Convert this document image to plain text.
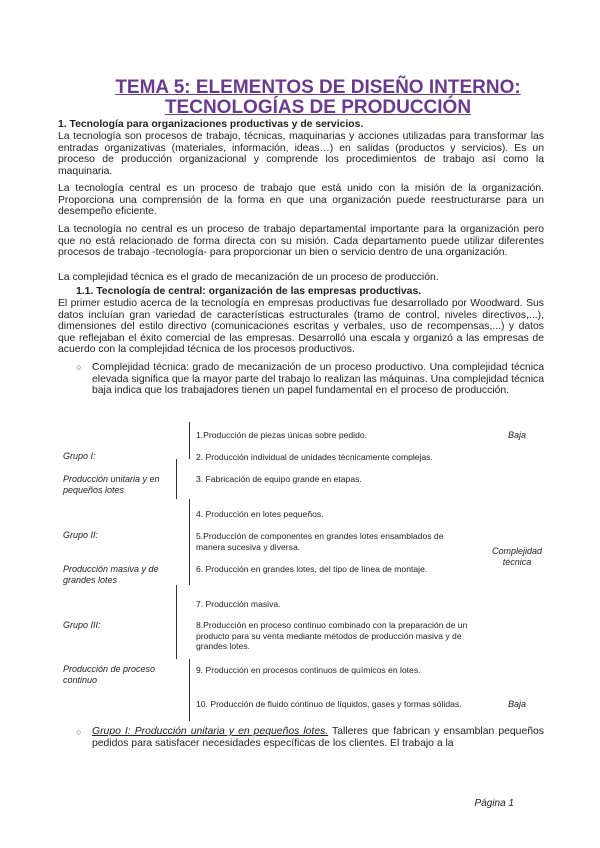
TEMA 5: ELEMENTOS DE DISEÑO INTERNO:
TECNOLOGÍAS DE PRODUCCIÓN
1. Tecnología para organizaciones productivas y de servicios.
La tecnología son procesos de trabajo, técnicas, maquinarias y acciones utilizadas para transformar las entradas organizativas (materiales, información, ideas…) en salidas (productos y servicios). Es un proceso de producción organizacional y comprende los procedimientos de trabajo así como la maquinaria.
La tecnología central es un proceso de trabajo que está unido con la misión de la organización. Proporciona una comprensión de la forma en que una organización puede reestructurarse para un desempeño eficiente.
La tecnología no central es un proceso de trabajo departamental importante para la organización pero que no está relacionado de forma directa con su misión. Cada departamento puede utilizar diferentes procesos de trabajo -tecnología- para proporcionar un bien o servicio dentro de una organización.
La complejidad técnica es el grado de mecanización de un proceso de producción.
1.1. Tecnología de central: organización de las empresas productivas.
El primer estudio acerca de la tecnología en empresas productivas fue desarrollado por Woodward. Sus datos incluían gran variedad de características estructurales (tramo de control, niveles directivos,...), dimensiones del estilo directivo (comunicaciones escritas y verbales, uso de recompensas,...) y datos que reflejaban el éxito comercial de las empresas. Desarrolló una escala y organizó a las empresas de acuerdo con la complejidad técnica de los procesos productivos.
○ Complejidad técnica: grado de mecanización de un proceso productivo. Una complejidad técnica elevada significa que la mayor parte del trabajo lo realizan las máquinas. Una complejidad técnica baja indica que los trabajadores tienen un papel fundamental en el proceso de producción.
1.Producción de piezas únicas sobre pedido.
2. Producción individual de unidades técnicamente complejas.
3. Fabricación de equipo grande en etapas.
4. Producción en lotes pequeños.
5.Producción de componentes en grandes lotes ensamblados de manera sucesiva y diversa.
6. Producción en grandes lotes, del tipo de línea de montaje.
7. Producción masiva.
8.Producción en proceso continuo combinado con la preparación de un producto para su venta mediante métodos de producción masiva y de grandes lotes.
9. Producción en procesos continuos de químicos en lotes.
10. Producción de fluido continuo de líquidos, gases y formas sólidas.
Grupo I:
Producción unitaria y en pequeños lotes
Grupo II:
Producción masiva y de grandes lotes
Grupo III:
Producción de proceso continuo
Baja
Complejidad técnica
Baja
○ Grupo I: Producción unitaria y en pequeños lotes. Talleres que fabrican y ensamblan pequeños pedidos para satisfacer necesidades específicas de los clientes. El trabajo a la
Página 1
